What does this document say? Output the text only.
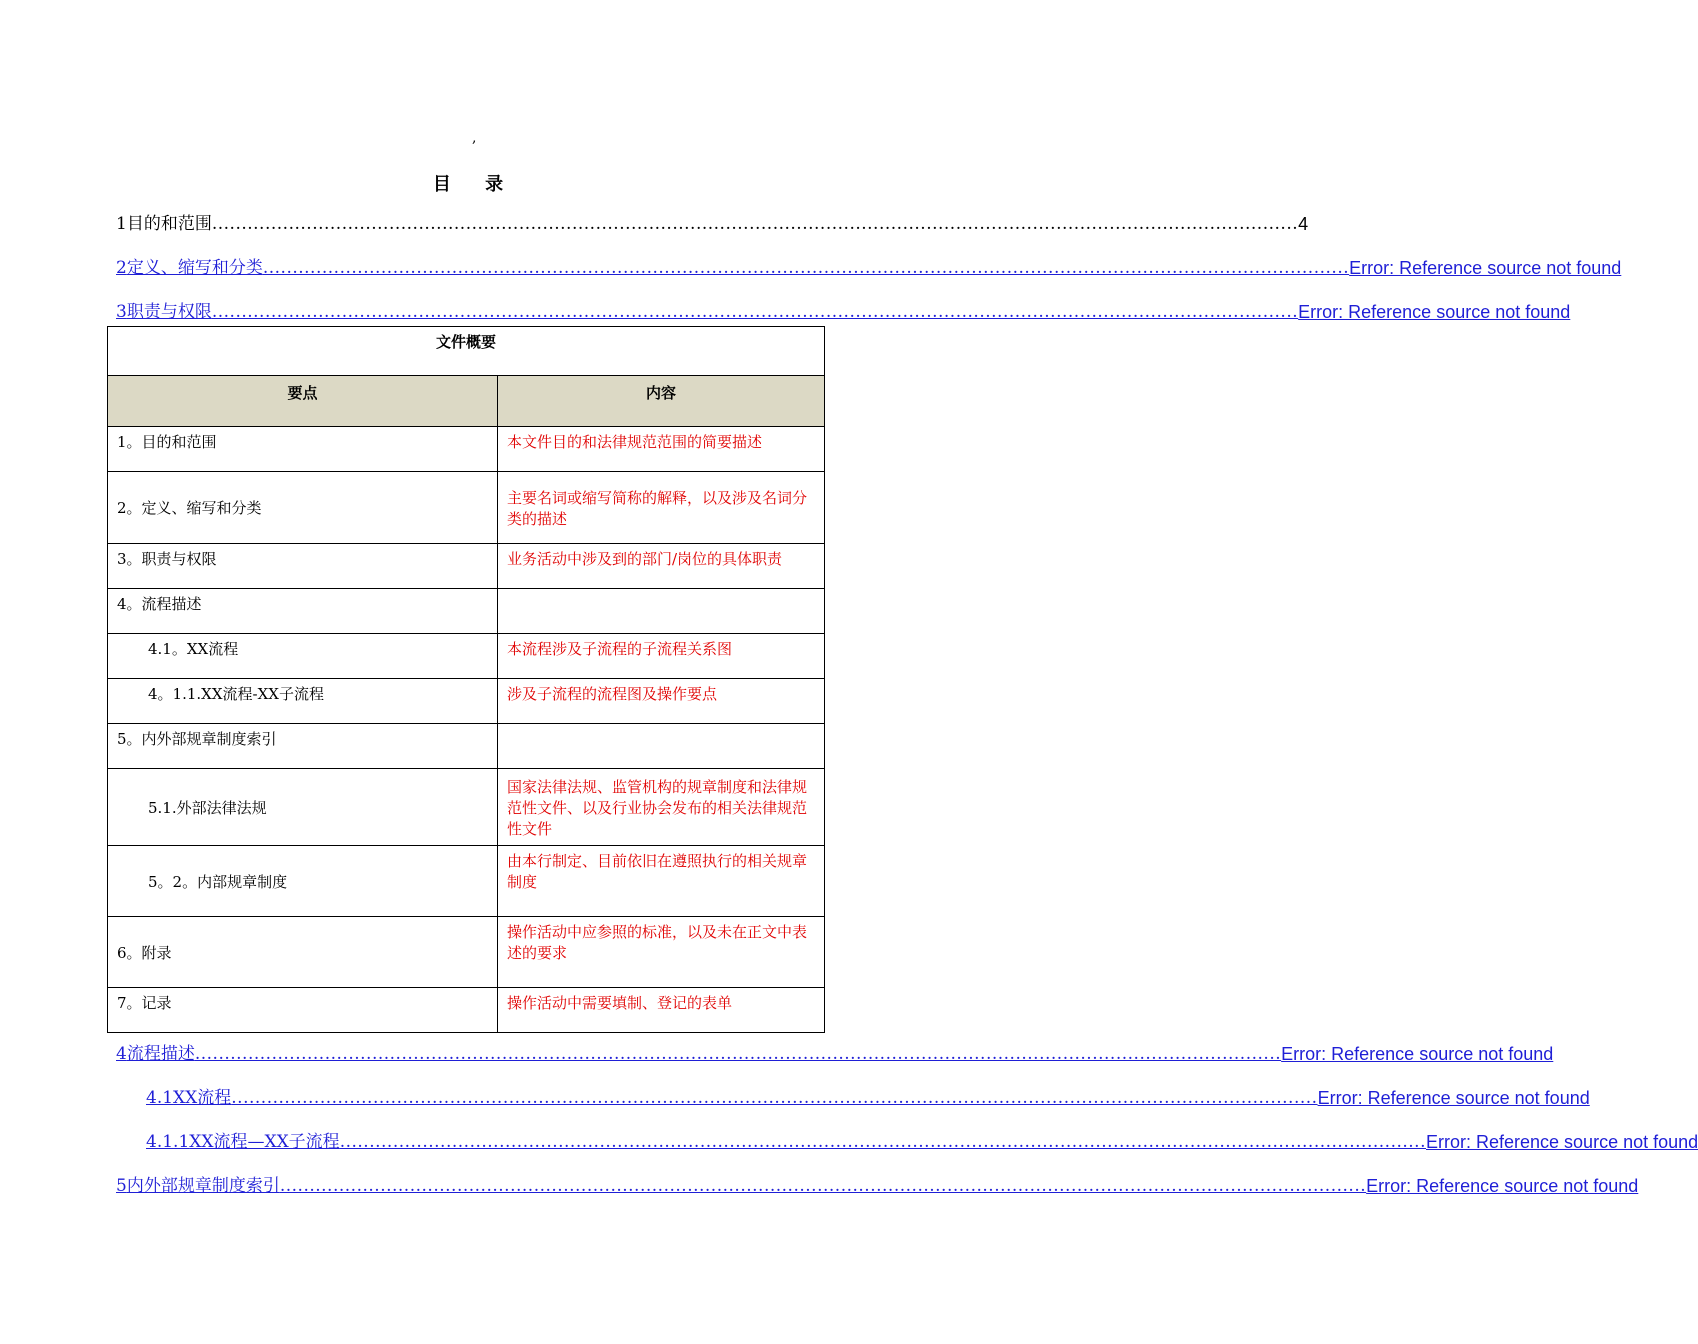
,
目 录
1 目的和范围 ........................................................................................................................................................................................ 4
2 定义、缩写和分类 ........................................................................................................................................................................................ Error: Reference source not found
3 职责与权限 ........................................................................................................................................................................................ Error: Reference source not found
文件概要	
要点	内容
1。目的和范围	本文件目的和法律规范范围的简要描述
2。定义、缩写和分类	主要名词或缩写简称的解释，以及涉及名词分类的描述
3。职责与权限	业务活动中涉及到的部门/岗位的具体职责
4。流程描述	
4.1。XX流程	本流程涉及子流程的子流程关系图
4。1.1.XX流程-XX子流程	涉及子流程的流程图及操作要点
5。内外部规章制度索引	
5.1.外部法律法规	国家法律法规、监管机构的规章制度和法律规范性文件、以及行业协会发布的相关法律规范性文件
5。2。内部规章制度	由本行制定、目前依旧在遵照执行的相关规章制度
6。附录	操作活动中应参照的标准，以及未在正文中表述的要求
7。记录	操作活动中需要填制、登记的表单
4 流程描述 ........................................................................................................................................................................................ Error: Reference source not found
4.1 XX流程 ........................................................................................................................................................................................ Error: Reference source not found
4.1.1 XX流程—XX子流程 ........................................................................................................................................................................................ Error: Reference source not found
5 内外部规章制度索引 ........................................................................................................................................................................................ Error: Reference source not found
